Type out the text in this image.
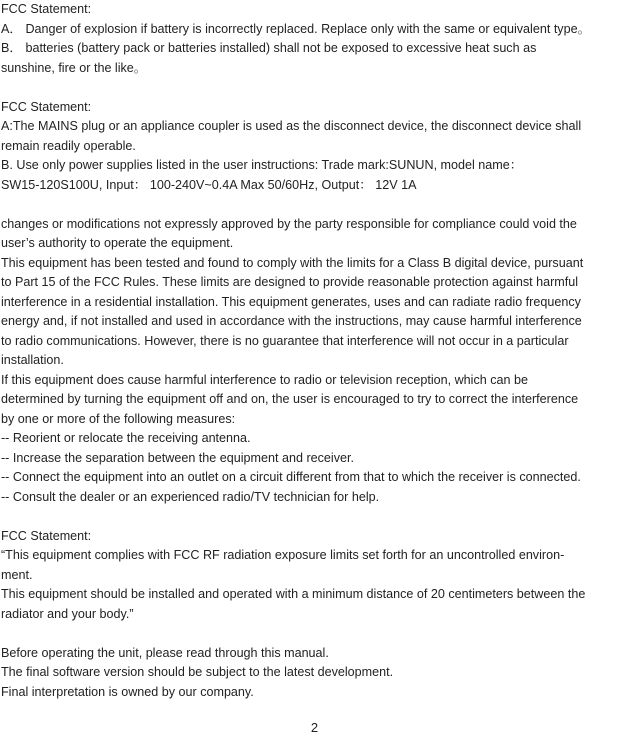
FCC Statement:
A． Danger of explosion if battery is incorrectly replaced. Replace only with the same or equivalent type。
B． batteries (battery pack or batteries installed) shall not be exposed to excessive heat such as
sunshine, fire or the like。
FCC Statement:
A:The MAINS plug or an appliance coupler is used as the disconnect device, the disconnect device shall
remain readily operable.
B. Use only power supplies listed in the user instructions: Trade mark:SUNUN, model name：
SW15-120S100U, Input： 100-240V~0.4A Max 50/60Hz, Output： 12V 1A
changes or modifications not expressly approved by the party responsible for compliance could void the
user’s authority to operate the equipment.
This equipment has been tested and found to comply with the limits for a Class B digital device, pursuant
to Part 15 of the FCC Rules. These limits are designed to provide reasonable protection against harmful
interference in a residential installation. This equipment generates, uses and can radiate radio frequency
energy and, if not installed and used in accordance with the instructions, may cause harmful interference
to radio communications. However, there is no guarantee that interference will not occur in a particular
installation.
If this equipment does cause harmful interference to radio or television reception, which can be
determined by turning the equipment off and on, the user is encouraged to try to correct the interference
by one or more of the following measures:
-- Reorient or relocate the receiving antenna.
-- Increase the separation between the equipment and receiver.
-- Connect the equipment into an outlet on a circuit different from that to which the receiver is connected.
-- Consult the dealer or an experienced radio/TV technician for help.
FCC Statement:
“This equipment complies with FCC RF radiation exposure limits set forth for an uncontrolled environ-
ment.
This equipment should be installed and operated with a minimum distance of 20 centimeters between the
radiator and your body.”
Before operating the unit, please read through this manual.
The final software version should be subject to the latest development.
Final interpretation is owned by our company.
2
